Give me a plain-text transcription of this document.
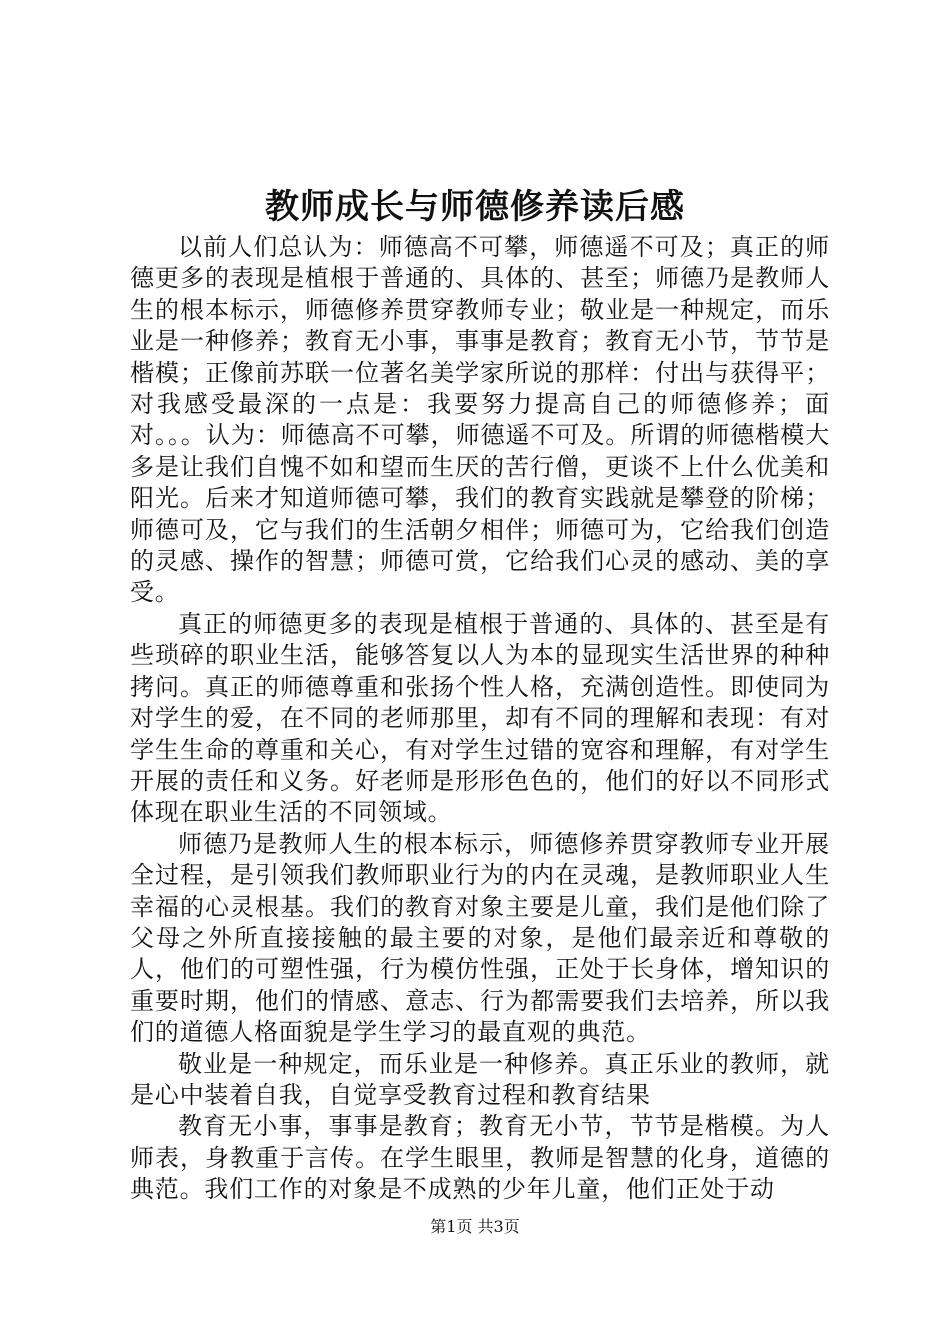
教师成长与师德修养读后感

以前人们总认为：师德高不可攀，师德遥不可及；真正的师德更多的表现是植根于普通的、具体的、甚至；师德乃是教师人生的根本标示，师德修养贯穿教师专业；敬业是一种规定，而乐业是一种修养；教育无小事，事事是教育；教育无小节，节节是楷模；正像前苏联一位著名美学家所说的那样：付出与获得平；对我感受最深的一点是：我要努力提高自己的师德修养；面对。。。认为：师德高不可攀，师德遥不可及。所谓的师德楷模大多是让我们自愧不如和望而生厌的苦行僧，更谈不上什么优美和阳光。后来才知道师德可攀，我们的教育实践就是攀登的阶梯；师德可及，它与我们的生活朝夕相伴；师德可为，它给我们创造的灵感、操作的智慧；师德可赏，它给我们心灵的感动、美的享受。

真正的师德更多的表现是植根于普通的、具体的、甚至是有些琐碎的职业生活，能够答复以人为本的显现实生活世界的种种拷问。真正的师德尊重和张扬个性人格，充满创造性。即使同为对学生的爱，在不同的老师那里，却有不同的理解和表现：有对学生生命的尊重和关心，有对学生过错的宽容和理解，有对学生开展的责任和义务。好老师是形形色色的，他们的好以不同形式体现在职业生活的不同领域。

师德乃是教师人生的根本标示，师德修养贯穿教师专业开展全过程，是引领我们教师职业行为的内在灵魂，是教师职业人生幸福的心灵根基。我们的教育对象主要是儿童，我们是他们除了父母之外所直接接触的最主要的对象，是他们最亲近和尊敬的人，他们的可塑性强，行为模仿性强，正处于长身体，增知识的重要时期，他们的情感、意志、行为都需要我们去培养，所以我们的道德人格面貌是学生学习的最直观的典范。

敬业是一种规定，而乐业是一种修养。真正乐业的教师，就是心中装着自我，自觉享受教育过程和教育结果

教育无小事，事事是教育；教育无小节，节节是楷模。为人师表，身教重于言传。在学生眼里，教师是智慧的化身，道德的典范。我们工作的对象是不成熟的少年儿童，他们正处于动

第1页 共3页
